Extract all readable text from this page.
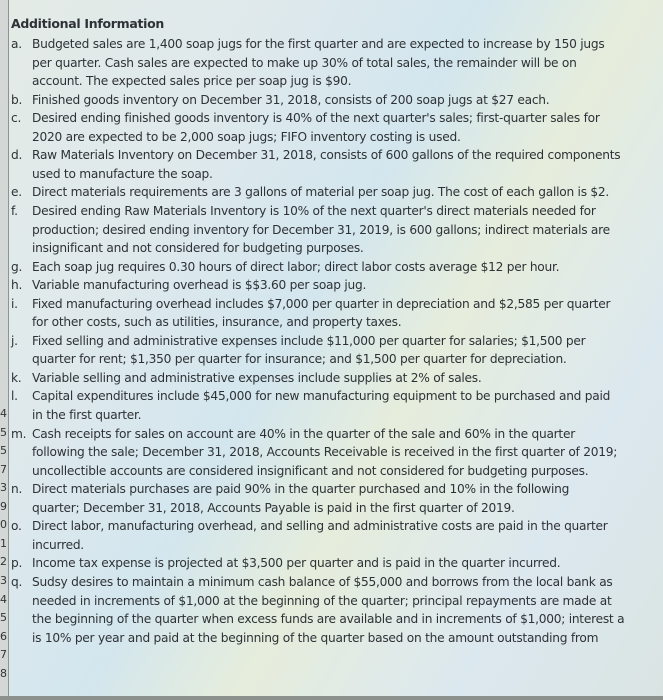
4
5
5
7
3
9
0
1
2
3
4
5
6
7
8
Additional Information
a. Budgeted sales are 1,400 soap jugs for the first quarter and are expected to increase by 150 jugs
per quarter. Cash sales are expected to make up 30% of total sales, the remainder will be on
account. The expected sales price per soap jug is $90.
b. Finished goods inventory on December 31, 2018, consists of 200 soap jugs at $27 each.
c. Desired ending finished goods inventory is 40% of the next quarter's sales; first-quarter sales for
2020 are expected to be 2,000 soap jugs; FIFO inventory costing is used.
d. Raw Materials Inventory on December 31, 2018, consists of 600 gallons of the required components
used to manufacture the soap.
e. Direct materials requirements are 3 gallons of material per soap jug. The cost of each gallon is $2.
f. Desired ending Raw Materials Inventory is 10% of the next quarter's direct materials needed for
production; desired ending inventory for December 31, 2019, is 600 gallons; indirect materials are
insignificant and not considered for budgeting purposes.
g. Each soap jug requires 0.30 hours of direct labor; direct labor costs average $12 per hour.
h. Variable manufacturing overhead is $$3.60 per soap jug.
i. Fixed manufacturing overhead includes $7,000 per quarter in depreciation and $2,585 per quarter
for other costs, such as utilities, insurance, and property taxes.
j. Fixed selling and administrative expenses include $11,000 per quarter for salaries; $1,500 per
quarter for rent; $1,350 per quarter for insurance; and $1,500 per quarter for depreciation.
k. Variable selling and administrative expenses include supplies at 2% of sales.
l. Capital expenditures include $45,000 for new manufacturing equipment to be purchased and paid
in the first quarter.
m. Cash receipts for sales on account are 40% in the quarter of the sale and 60% in the quarter
following the sale; December 31, 2018, Accounts Receivable is received in the first quarter of 2019;
uncollectible accounts are considered insignificant and not considered for budgeting purposes.
n. Direct materials purchases are paid 90% in the quarter purchased and 10% in the following
quarter; December 31, 2018, Accounts Payable is paid in the first quarter of 2019.
o. Direct labor, manufacturing overhead, and selling and administrative costs are paid in the quarter
incurred.
p. Income tax expense is projected at $3,500 per quarter and is paid in the quarter incurred.
q. Sudsy desires to maintain a minimum cash balance of $55,000 and borrows from the local bank as
needed in increments of $1,000 at the beginning of the quarter; principal repayments are made at
the beginning of the quarter when excess funds are available and in increments of $1,000; interest a
is 10% per year and paid at the beginning of the quarter based on the amount outstanding from
